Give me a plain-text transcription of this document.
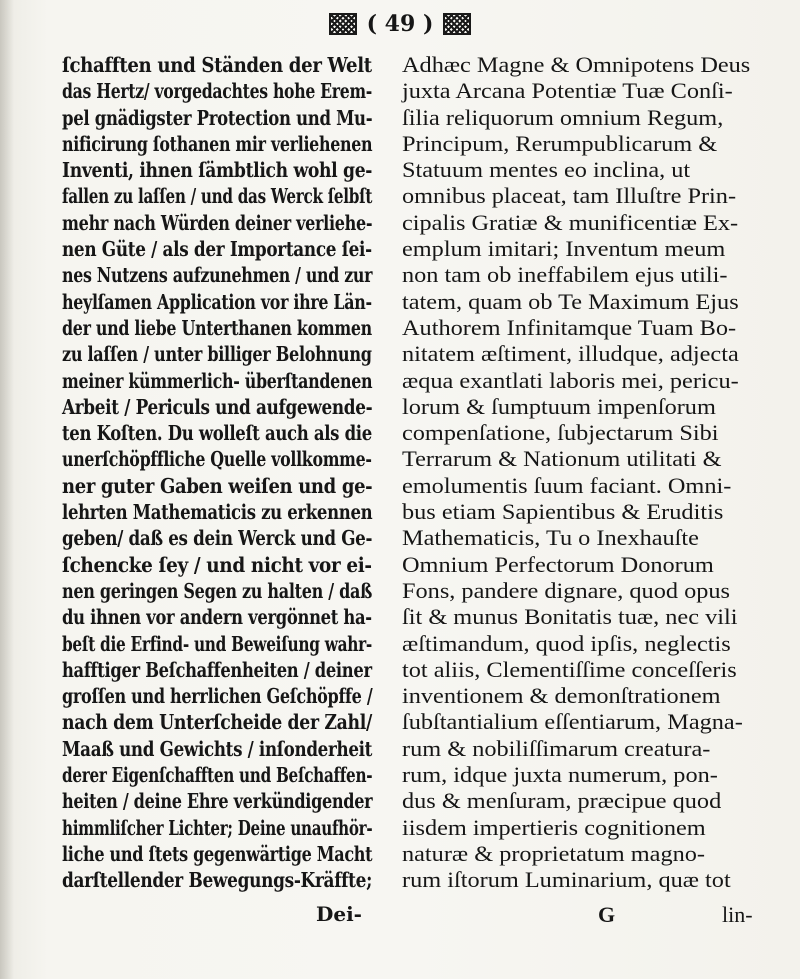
( 49 )
ſchafften und Ständen der Welt
das Hertz/ vorgedachtes hohe Erem-
pel gnädigster Protection und Mu-
nificirung ſothanen mir verliehenen
Inventi, ihnen ſämbtlich wohl ge-
fallen zu laſſen / und das Werck ſelbſt
mehr nach Würden deiner verliehe-
nen Güte / als der Importance ſei-
nes Nutzens aufzunehmen / und zur
heylſamen Application vor ihre Län-
der und liebe Unterthanen kommen
zu laſſen / unter billiger Belohnung
meiner kümmerlich- überſtandenen
Arbeit / Periculs und aufgewende-
ten Koſten. Du wolleſt auch als die
unerſchöpffliche Quelle vollkomme-
ner guter Gaben weiſen und ge-
lehrten Mathematicis zu erkennen
geben/ daß es dein Werck und Ge-
ſchencke ſey / und nicht vor ei-
nen geringen Segen zu halten / daß
du ihnen vor andern vergönnet ha-
beſt die Erfind- und Beweiſung wahr-
hafftiger Beſchaffenheiten / deiner
groſſen und herrlichen Geſchöpffe /
nach dem Unterſcheide der Zahl/
Maaß und Gewichts / inſonderheit
derer Eigenſchafften und Beſchaffen-
heiten / deine Ehre verkündigender
himmliſcher Lichter; Deine unaufhör-
liche und ſtets gegenwärtige Macht
darſtellender Bewegungs-Kräffte;
Adhæc Magne & Omnipotens Deus
juxta Arcana Potentiæ Tuæ Conſi-
ſilia reliquorum omnium Regum,
Principum, Rerumpublicarum &
Statuum mentes eo inclina, ut
omnibus placeat, tam Illuſtre Prin-
cipalis Gratiæ & munificentiæ Ex-
emplum imitari; Inventum meum
non tam ob ineffabilem ejus utili-
tatem, quam ob Te Maximum Ejus
Authorem Infinitamque Tuam Bo-
nitatem æſtiment, illudque, adjecta
æqua exantlati laboris mei, pericu-
lorum & ſumptuum impenſorum
compenſatione, ſubjectarum Sibi
Terrarum & Nationum utilitati &
emolumentis ſuum faciant. Omni-
bus etiam Sapientibus & Eruditis
Mathematicis, Tu o Inexhauſte
Omnium Perfectorum Donorum
Fons, pandere dignare, quod opus
ſit & munus Bonitatis tuæ, nec vili
æſtimandum, quod ipſis, neglectis
tot aliis, Clementiſſime conceſſeris
inventionem & demonſtrationem
ſubſtantialium eſſentiarum, Magna-
rum & nobiliſſimarum creatura-
rum, idque juxta numerum, pon-
dus & menſuram, præcipue quod
iisdem impertieris cognitionem
naturæ & proprietatum magno-
rum iſtorum Luminarium, quæ tot
Dei-	G	lin-
